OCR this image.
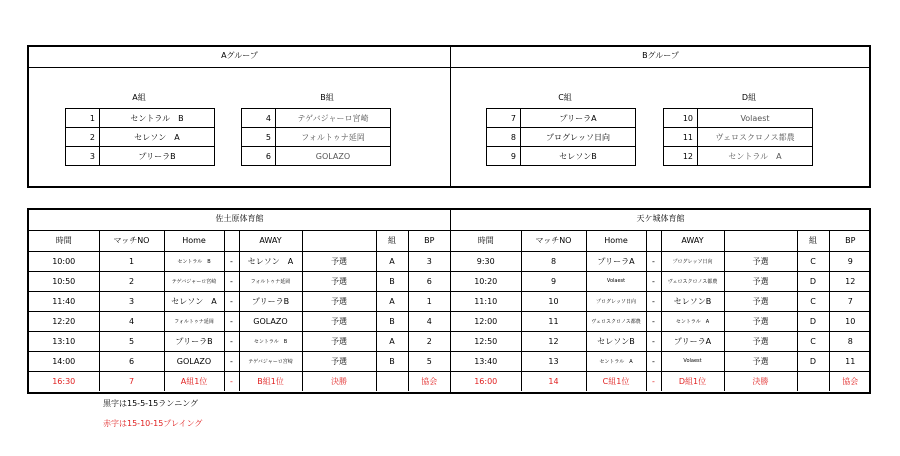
Aグループ	Bグループ
A組	B組	C組	D組
1	セントラル　B
2	セレソン　A
3	プリーラB
4	テゲバジャーロ宮崎
5	フォルトゥナ延岡
6	GOLAZO
7	プリーラA
8	プログレッソ日向
9	セレソンB
10	Volaest
11	ヴェロスクロノス都農
12	セントラル　A
佐土原体育館	天ケ城体育館
時間	マッチNO	Home		AWAY		組	BP
10:00	1	セントラル　B	-	セレソン　A	予選	A	3
10:50	2	テゲバジャーロ宮崎	-	フォルトゥナ延岡	予選	B	6
11:40	3	セレソン　A	-	プリーラB	予選	A	1
12:20	4	フォルトゥナ延岡	-	GOLAZO	予選	B	4
13:10	5	プリーラB	-	セントラル　B	予選	A	2
14:00	6	GOLAZO	-	テゲバジャーロ宮崎	予選	B	5
16:30	7	A組1位	-	B組1位	決勝		協会
時間	マッチNO	Home		AWAY		組	BP
9:30	8	プリーラA	-	プログレッソ日向	予選	C	9
10:20	9	Volaest	-	ヴェロスクロノス都農	予選	D	12
11:10	10	プログレッソ日向	-	セレソンB	予選	C	7
12:00	11	ヴェロスクロノス都農	-	セントラル　A	予選	D	10
12:50	12	セレソンB	-	プリーラA	予選	C	8
13:40	13	セントラル　A	-	Volaest	予選	D	11
16:00	14	C組1位	-	D組1位	決勝		協会
黒字は15-5-15ランニング
赤字は15-10-15プレイング
